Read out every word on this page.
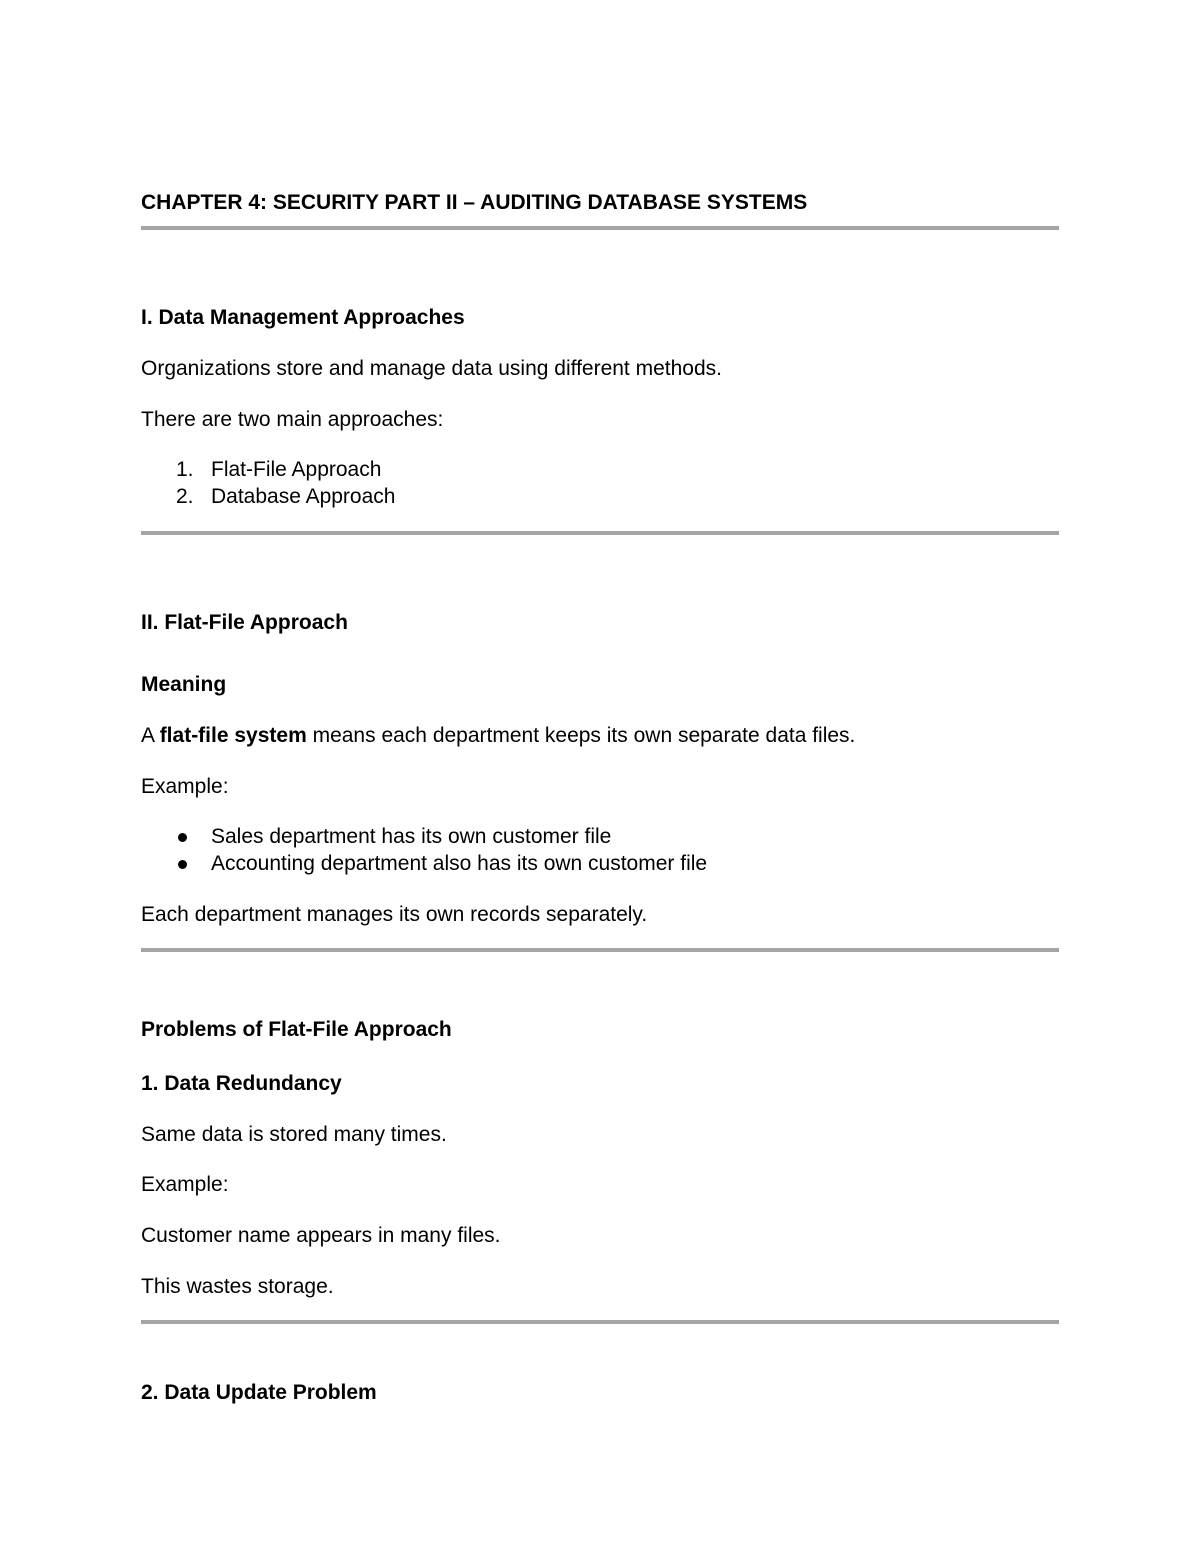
CHAPTER 4: SECURITY PART II – AUDITING DATABASE SYSTEMS
I. Data Management Approaches
Organizations store and manage data using different methods.
There are two main approaches:
1. Flat-File Approach
2. Database Approach
II. Flat-File Approach
Meaning
A flat-file system means each department keeps its own separate data files.
Example:
Sales department has its own customer file
Accounting department also has its own customer file
Each department manages its own records separately.
Problems of Flat-File Approach
1. Data Redundancy
Same data is stored many times.
Example:
Customer name appears in many files.
This wastes storage.
2. Data Update Problem
